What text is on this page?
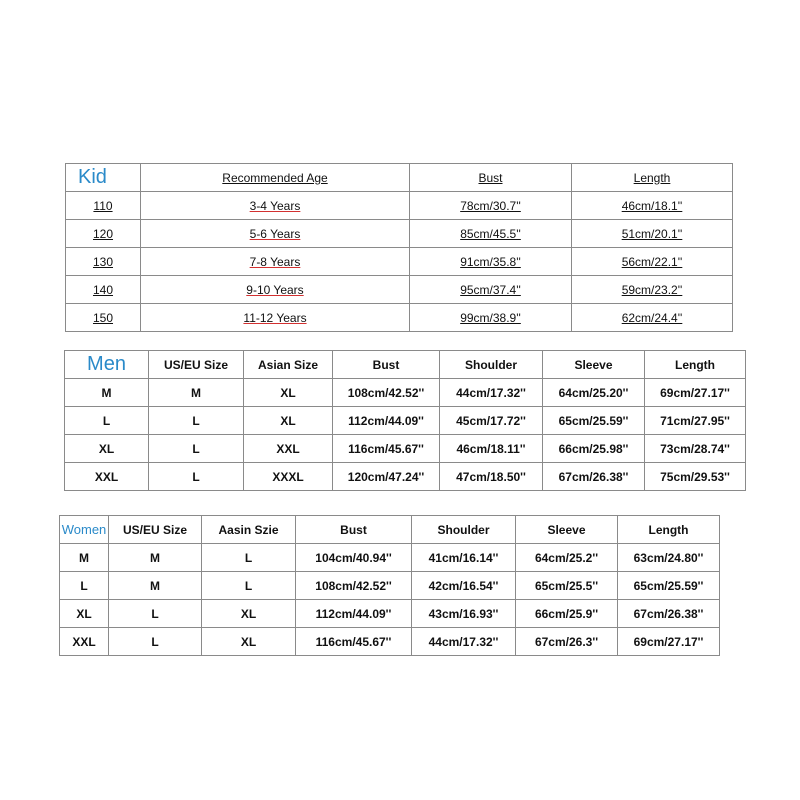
Kid	Recommended Age	Bust	Length
110	3-4 Years	78cm/30.7''	46cm/18.1''
120	5-6 Years	85cm/45.5''	51cm/20.1''
130	7-8 Years	91cm/35.8''	56cm/22.1''
140	9-10 Years	95cm/37.4''	59cm/23.2''
150	11-12 Years	99cm/38.9''	62cm/24.4''
Men	US/EU Size	Asian Size	Bust	Shoulder	Sleeve	Length
M	M	XL	108cm/42.52''	44cm/17.32''	64cm/25.20''	69cm/27.17''
L	L	XL	112cm/44.09''	45cm/17.72''	65cm/25.59''	71cm/27.95''
XL	L	XXL	116cm/45.67''	46cm/18.11''	66cm/25.98''	73cm/28.74''
XXL	L	XXXL	120cm/47.24''	47cm/18.50''	67cm/26.38''	75cm/29.53''
Women	US/EU Size	Aasin Szie	Bust	Shoulder	Sleeve	Length
M	M	L	104cm/40.94''	41cm/16.14''	64cm/25.2''	63cm/24.80''
L	M	L	108cm/42.52''	42cm/16.54''	65cm/25.5''	65cm/25.59''
XL	L	XL	112cm/44.09''	43cm/16.93''	66cm/25.9''	67cm/26.38''
XXL	L	XL	116cm/45.67''	44cm/17.32''	67cm/26.3''	69cm/27.17''
